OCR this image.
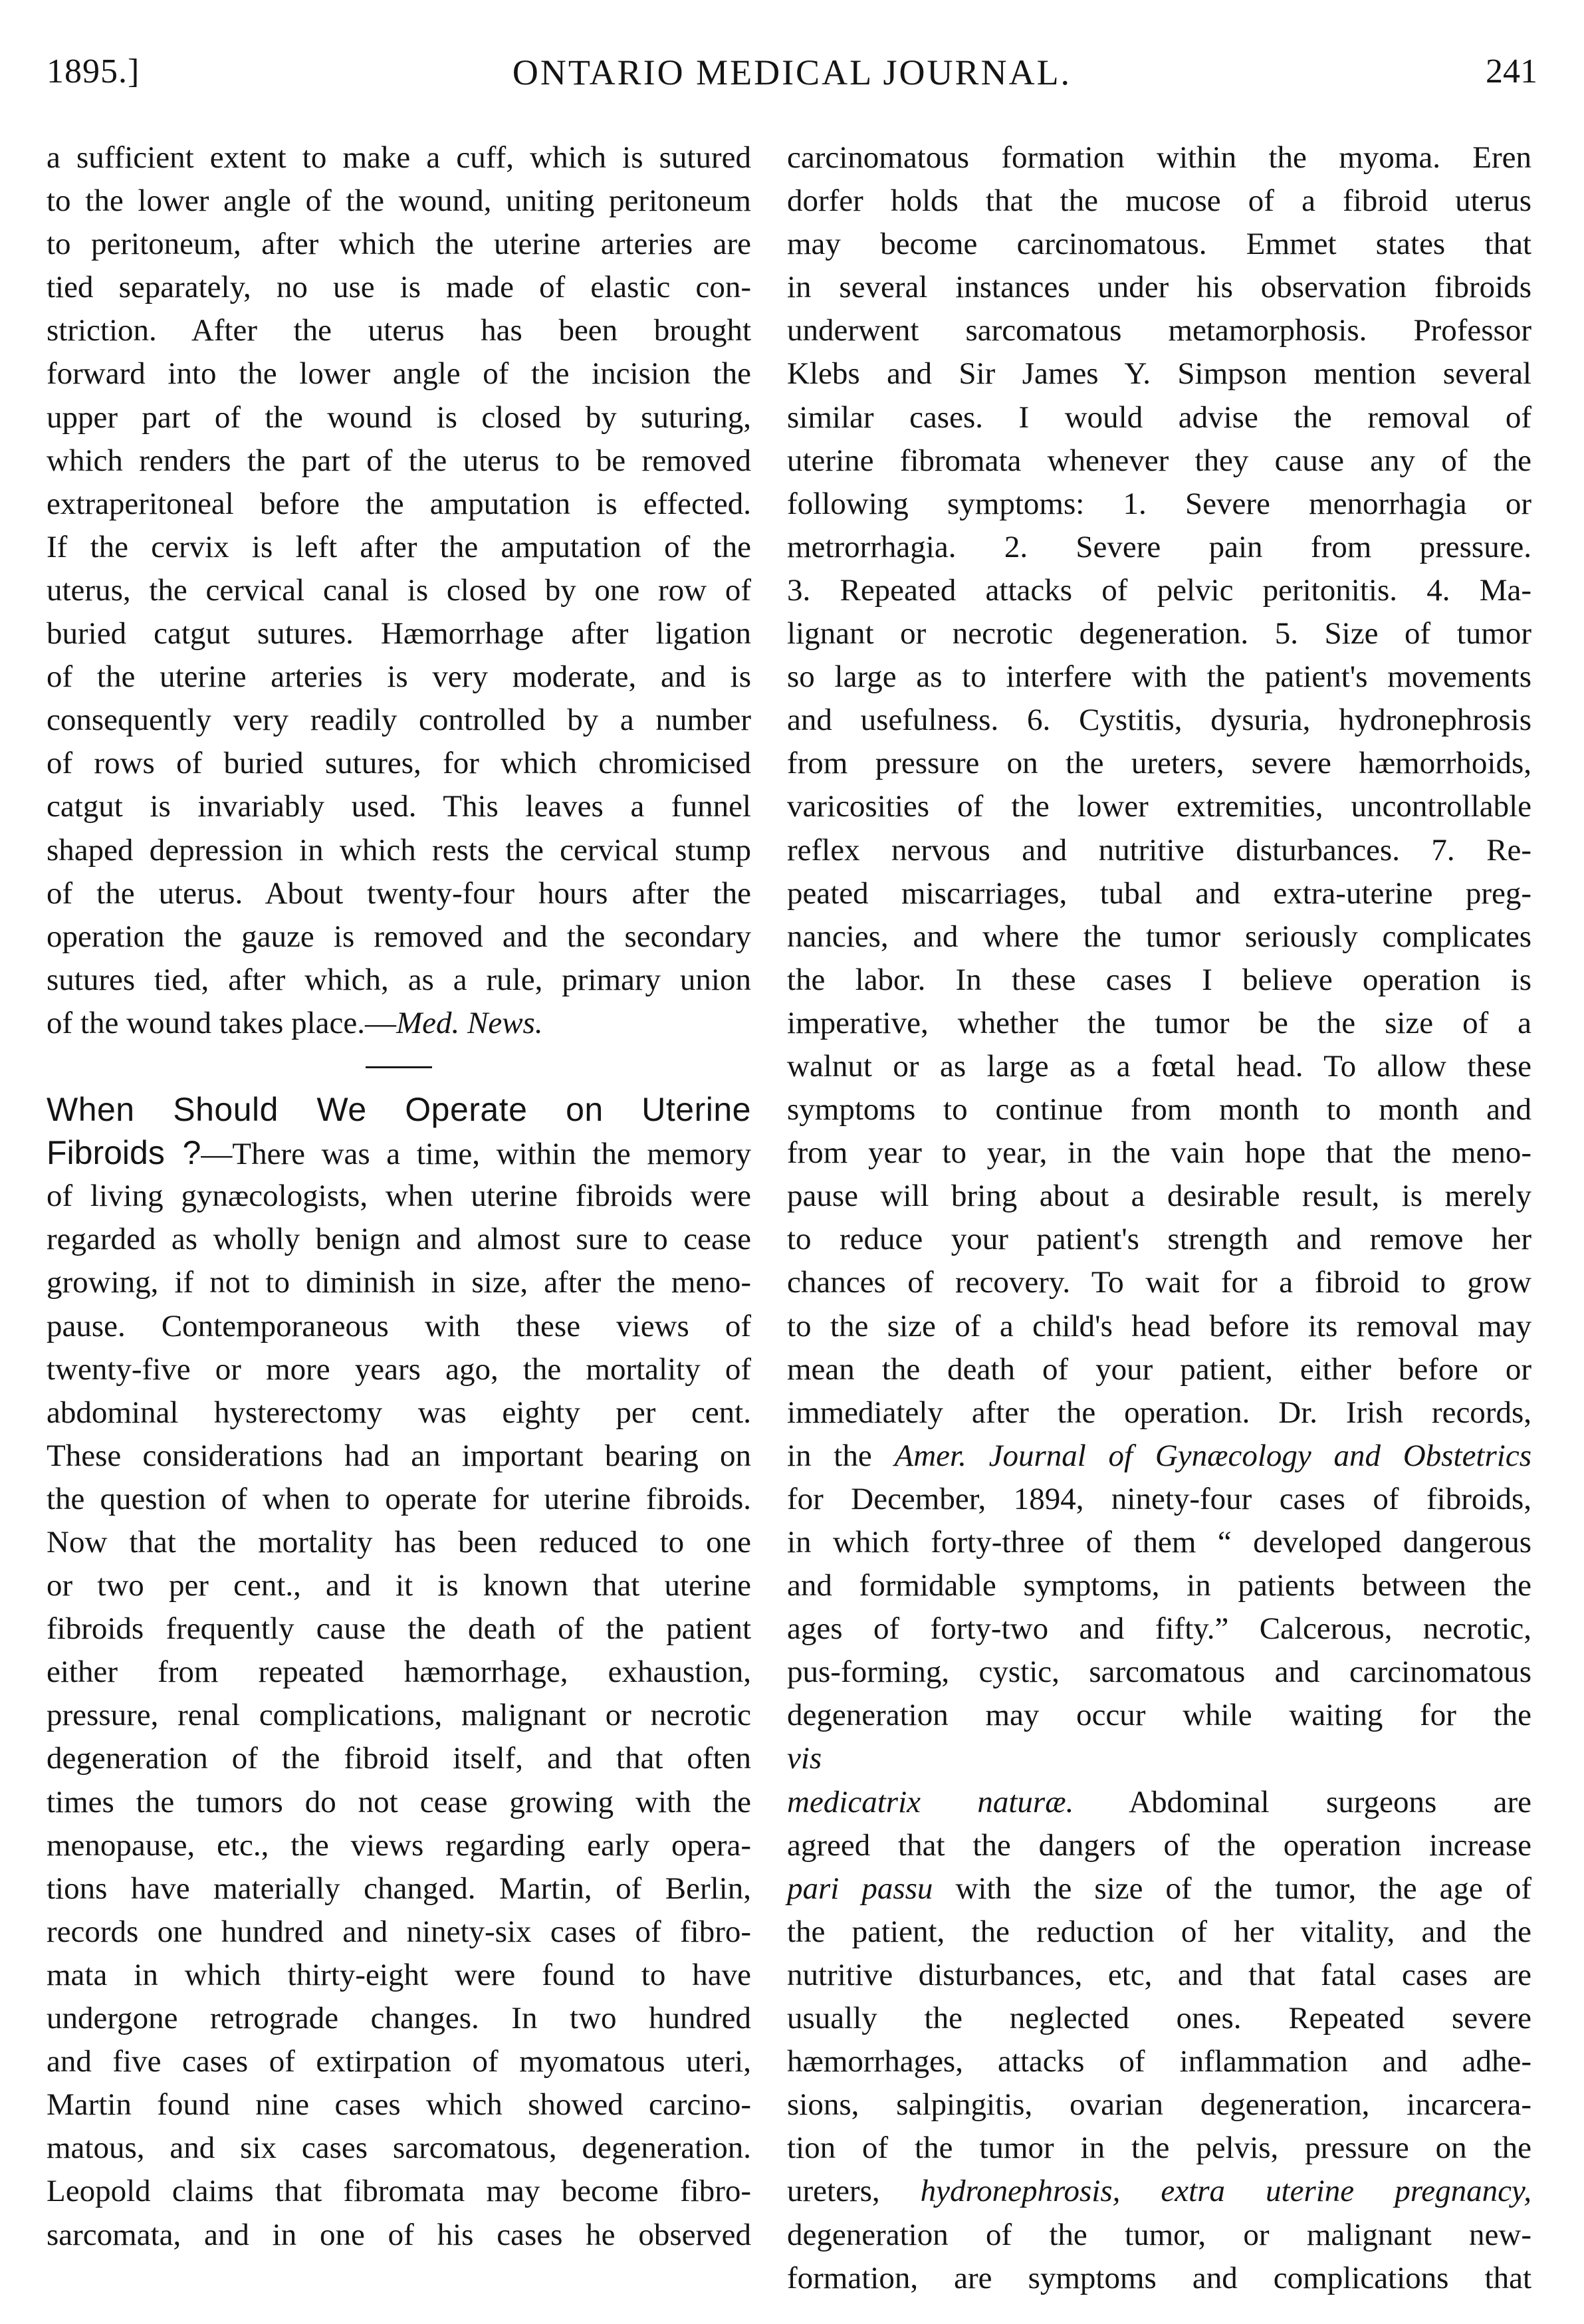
1895.]	ONTARIO MEDICAL JOURNAL.	241
a sufficient extent to make a cuff, which is sutured
to the lower angle of the wound, uniting peritoneum
to peritoneum, after which the uterine arteries are
tied separately, no use is made of elastic con-
striction. After the uterus has been brought
forward into the lower angle of the incision the
upper part of the wound is closed by suturing,
which renders the part of the uterus to be removed
extraperitoneal before the amputation is effected.
If the cervix is left after the amputation of the
uterus, the cervical canal is closed by one row of
buried catgut sutures. Hæmorrhage after ligation
of the uterine arteries is very moderate, and is
consequently very readily controlled by a number
of rows of buried sutures, for which chromicised
catgut is invariably used. This leaves a funnel
shaped depression in which rests the cervical stump
of the uterus. About twenty-four hours after the
operation the gauze is removed and the secondary
sutures tied, after which, as a rule, primary union
of the wound takes place.—Med. News.
When Should We Operate on Uterine
Fibroids ?—There was a time, within the memory
of living gynæcologists, when uterine fibroids were
regarded as wholly benign and almost sure to cease
growing, if not to diminish in size, after the meno-
pause. Contemporaneous with these views of
twenty-five or more years ago, the mortality of
abdominal hysterectomy was eighty per cent.
These considerations had an important bearing on
the question of when to operate for uterine fibroids.
Now that the mortality has been reduced to one
or two per cent., and it is known that uterine
fibroids frequently cause the death of the patient
either from repeated hæmorrhage, exhaustion,
pressure, renal complications, malignant or necrotic
degeneration of the fibroid itself, and that often
times the tumors do not cease growing with the
menopause, etc., the views regarding early opera-
tions have materially changed. Martin, of Berlin,
records one hundred and ninety-six cases of fibro-
mata in which thirty-eight were found to have
undergone retrograde changes. In two hundred
and five cases of extirpation of myomatous uteri,
Martin found nine cases which showed carcino-
matous, and six cases sarcomatous, degeneration.
Leopold claims that fibromata may become fibro-
sarcomata, and in one of his cases he observed
carcinomatous formation within the myoma. Eren
dorfer holds that the mucose of a fibroid uterus
may become carcinomatous. Emmet states that
in several instances under his observation fibroids
underwent sarcomatous metamorphosis. Professor
Klebs and Sir James Y. Simpson mention several
similar cases. I would advise the removal of
uterine fibromata whenever they cause any of the
following symptoms: 1. Severe menorrhagia or
metrorrhagia. 2. Severe pain from pressure.
3. Repeated attacks of pelvic peritonitis. 4. Ma-
lignant or necrotic degeneration. 5. Size of tumor
so large as to interfere with the patient's movements
and usefulness. 6. Cystitis, dysuria, hydronephrosis
from pressure on the ureters, severe hæmorrhoids,
varicosities of the lower extremities, uncontrollable
reflex nervous and nutritive disturbances. 7. Re-
peated miscarriages, tubal and extra-uterine preg-
nancies, and where the tumor seriously complicates
the labor. In these cases I believe operation is
imperative, whether the tumor be the size of a
walnut or as large as a fœtal head. To allow these
symptoms to continue from month to month and
from year to year, in the vain hope that the meno-
pause will bring about a desirable result, is merely
to reduce your patient's strength and remove her
chances of recovery. To wait for a fibroid to grow
to the size of a child's head before its removal may
mean the death of your patient, either before or
immediately after the operation. Dr. Irish records,
in the Amer. Journal of Gynæcology and Obstetrics
for December, 1894, ninety-four cases of fibroids,
in which forty-three of them “ developed dangerous
and formidable symptoms, in patients between the
ages of forty-two and fifty.” Calcerous, necrotic,
pus-forming, cystic, sarcomatous and carcinomatous
degeneration may occur while waiting for the
vis
medicatrix naturæ. Abdominal surgeons are
agreed that the dangers of the operation increase
pari passu with the size of the tumor, the age of
the patient, the reduction of her vitality, and the
nutritive disturbances, etc, and that fatal cases are
usually the neglected ones. Repeated severe
hæmorrhages, attacks of inflammation and adhe-
sions, salpingitis, ovarian degeneration, incarcera-
tion of the tumor in the pelvis, pressure on the
ureters, hydronephrosis, extra uterine pregnancy,
degeneration of the tumor, or malignant new-
formation, are symptoms and complications that
